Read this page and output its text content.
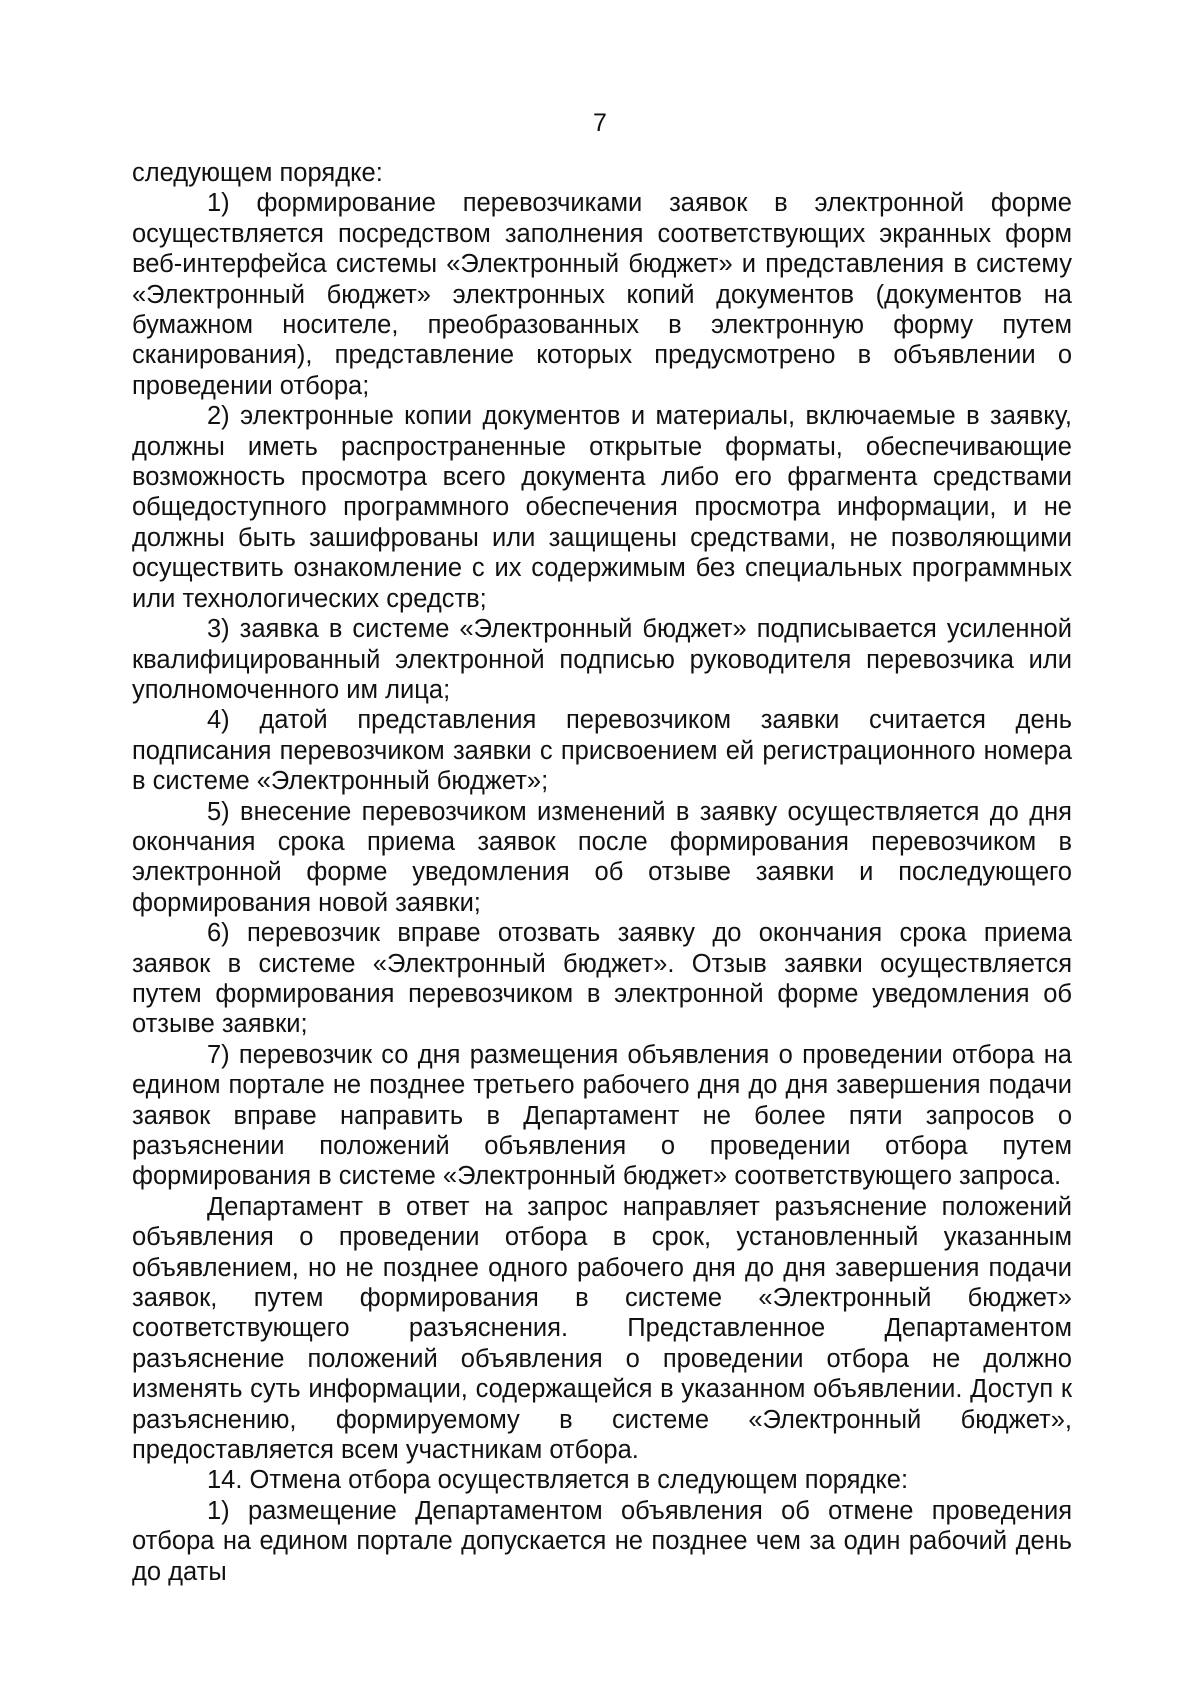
7

следующем порядке:

1) формирование перевозчиками заявок в электронной форме осуществляется посредством заполнения соответствующих экранных форм веб-интерфейса системы «Электронный бюджет» и представления в систему «Электронный бюджет» электронных копий документов (документов на бумажном носителе, преобразованных в электронную форму путем сканирования), представление которых предусмотрено в объявлении о проведении отбора;

2) электронные копии документов и материалы, включаемые в заявку, должны иметь распространенные открытые форматы, обеспечивающие возможность просмотра всего документа либо его фрагмента средствами общедоступного программного обеспечения просмотра информации, и не должны быть зашифрованы или защищены средствами, не позволяющими осуществить ознакомление с их содержимым без специальных программных или технологических средств;

3) заявка в системе «Электронный бюджет» подписывается усиленной квалифицированный электронной подписью руководителя перевозчика или уполномоченного им лица;

4) датой представления перевозчиком заявки считается день подписания перевозчиком заявки с присвоением ей регистрационного номера в системе «Электронный бюджет»;

5) внесение перевозчиком изменений в заявку осуществляется до дня окончания срока приема заявок после формирования перевозчиком в электронной форме уведомления об отзыве заявки и последующего формирования новой заявки;

6) перевозчик вправе отозвать заявку до окончания срока приема заявок в системе «Электронный бюджет». Отзыв заявки осуществляется путем формирования перевозчиком в электронной форме уведомления об отзыве заявки;

7) перевозчик со дня размещения объявления о проведении отбора на едином портале не позднее третьего рабочего дня до дня завершения подачи заявок вправе направить в Департамент не более пяти запросов о разъяснении положений объявления о проведении отбора путем формирования в системе «Электронный бюджет» соответствующего запроса.

Департамент в ответ на запрос направляет разъяснение положений объявления о проведении отбора в срок, установленный указанным объявлением, но не позднее одного рабочего дня до дня завершения подачи заявок, путем формирования в системе «Электронный бюджет» соответствующего разъяснения. Представленное Департаментом разъяснение положений объявления о проведении отбора не должно изменять суть информации, содержащейся в указанном объявлении. Доступ к разъяснению, формируемому в системе «Электронный бюджет», предоставляется всем участникам отбора.

14. Отмена отбора осуществляется в следующем порядке:

1) размещение Департаментом объявления об отмене проведения отбора на едином портале допускается не позднее чем за один рабочий день до даты
